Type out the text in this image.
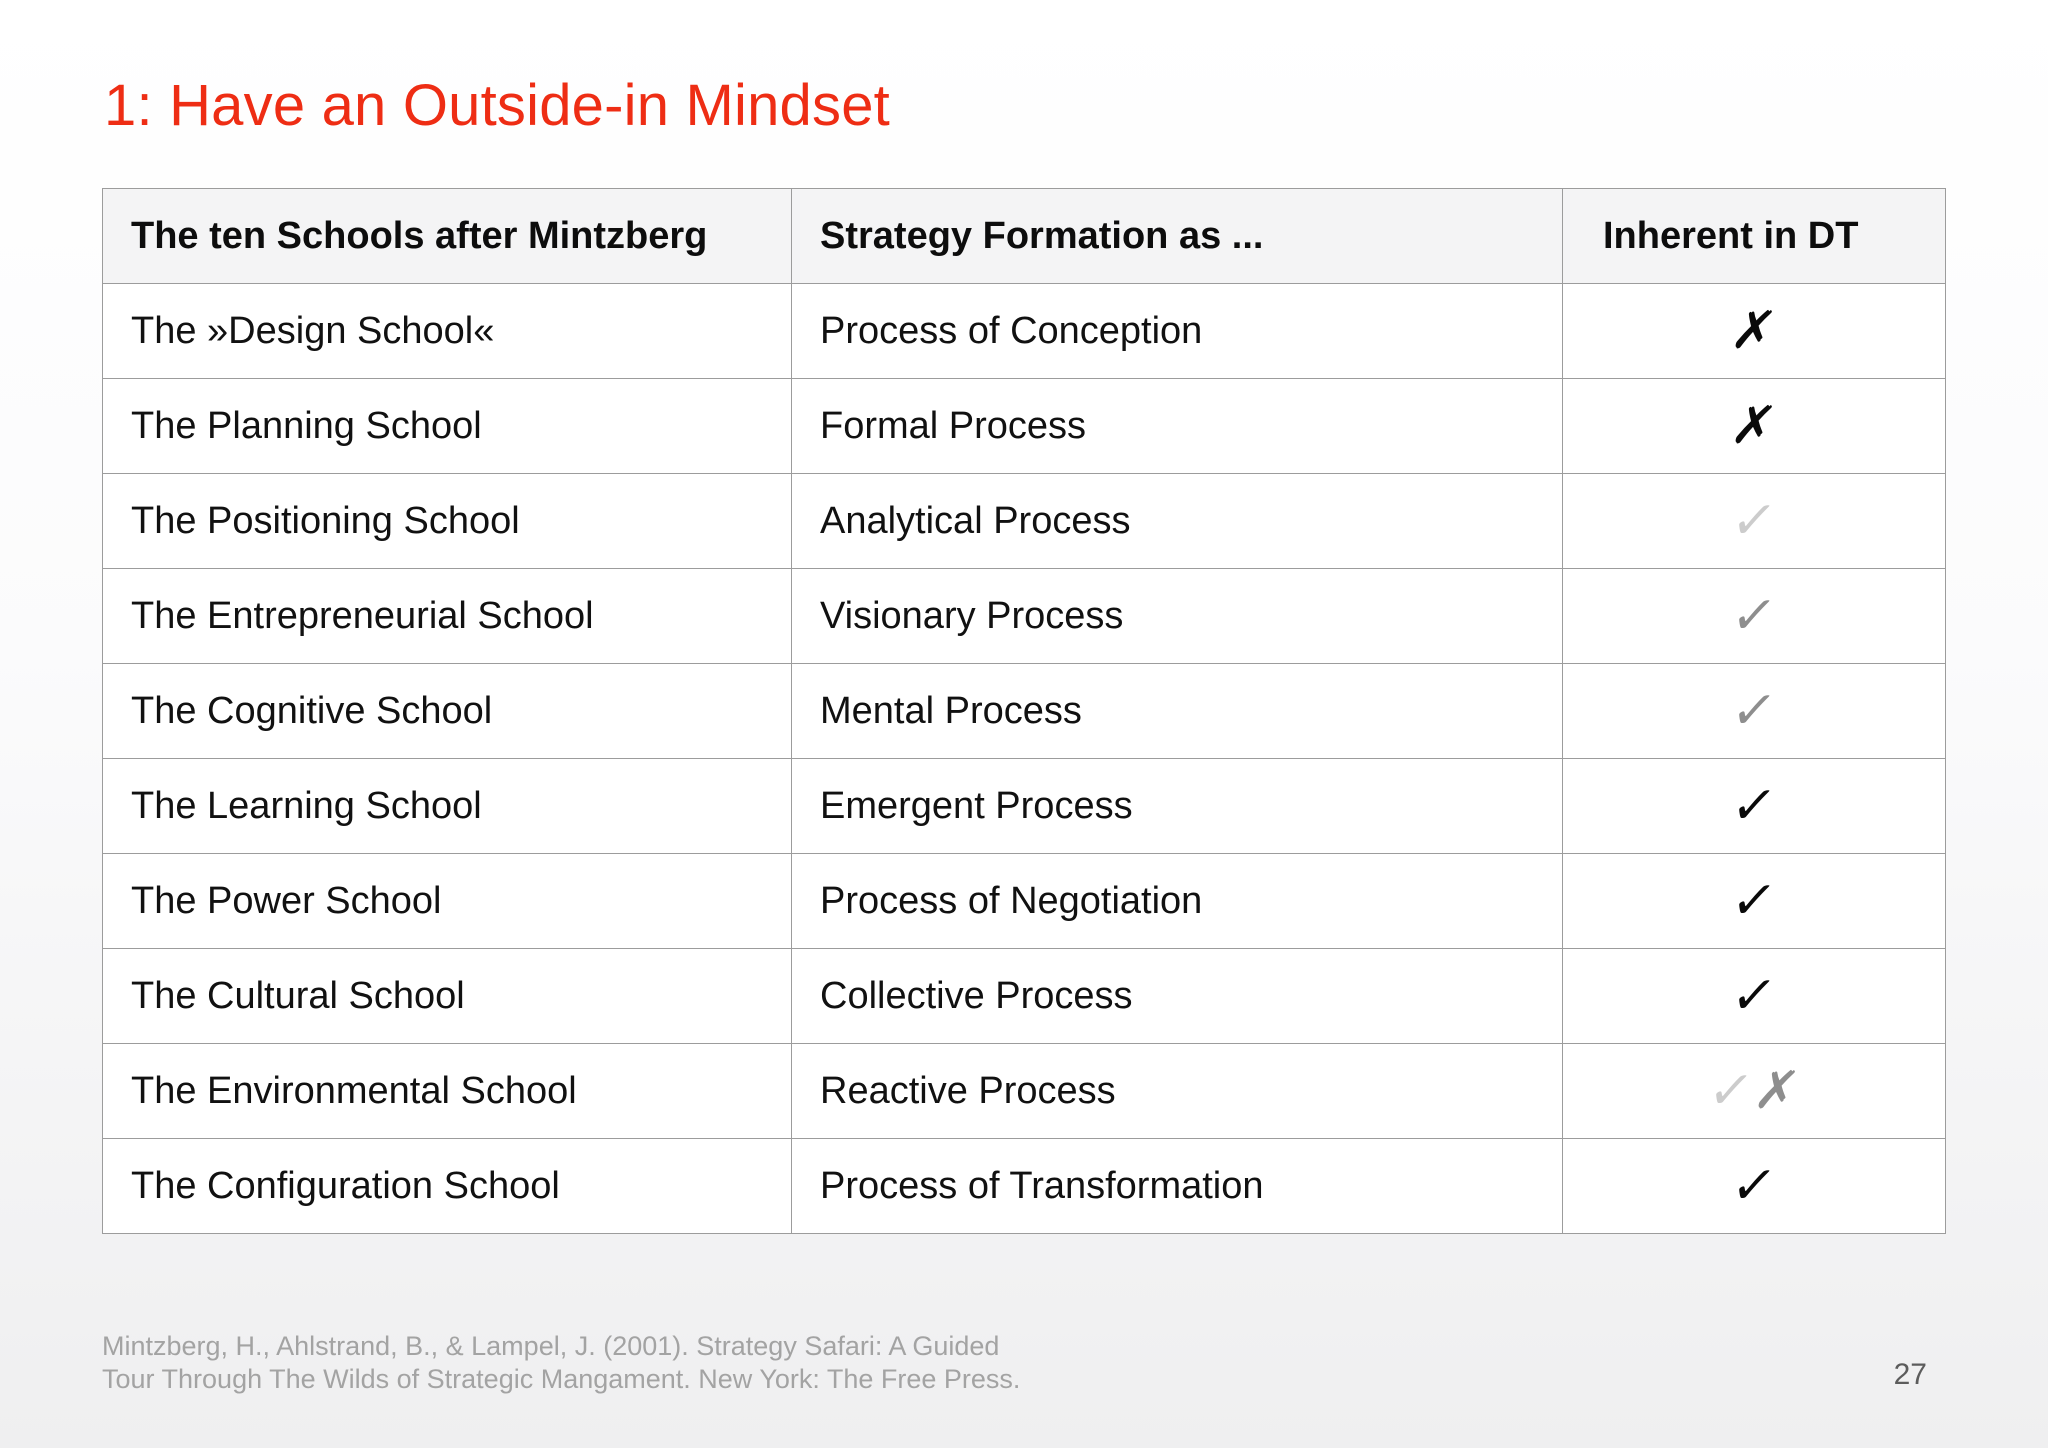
1: Have an Outside-in Mindset
The ten Schools after Mintzberg	Strategy Formation as ...	Inherent in DT
The »Design School«	Process of Conception	✗
The Planning School	Formal Process	✗
The Positioning School	Analytical Process	✓
The Entrepreneurial School	Visionary Process	✓
The Cognitive School	Mental Process	✓
The Learning School	Emergent Process	✓
The Power School	Process of Negotiation	✓
The Cultural School	Collective Process	✓
The Environmental School	Reactive Process	✓✗
The Configuration School	Process of Transformation	✓
Mintzberg, H., Ahlstrand, B., & Lampel, J. (2001). Strategy Safari: A Guided
Tour Through The Wilds of Strategic Mangament. New York: The Free Press.	27
